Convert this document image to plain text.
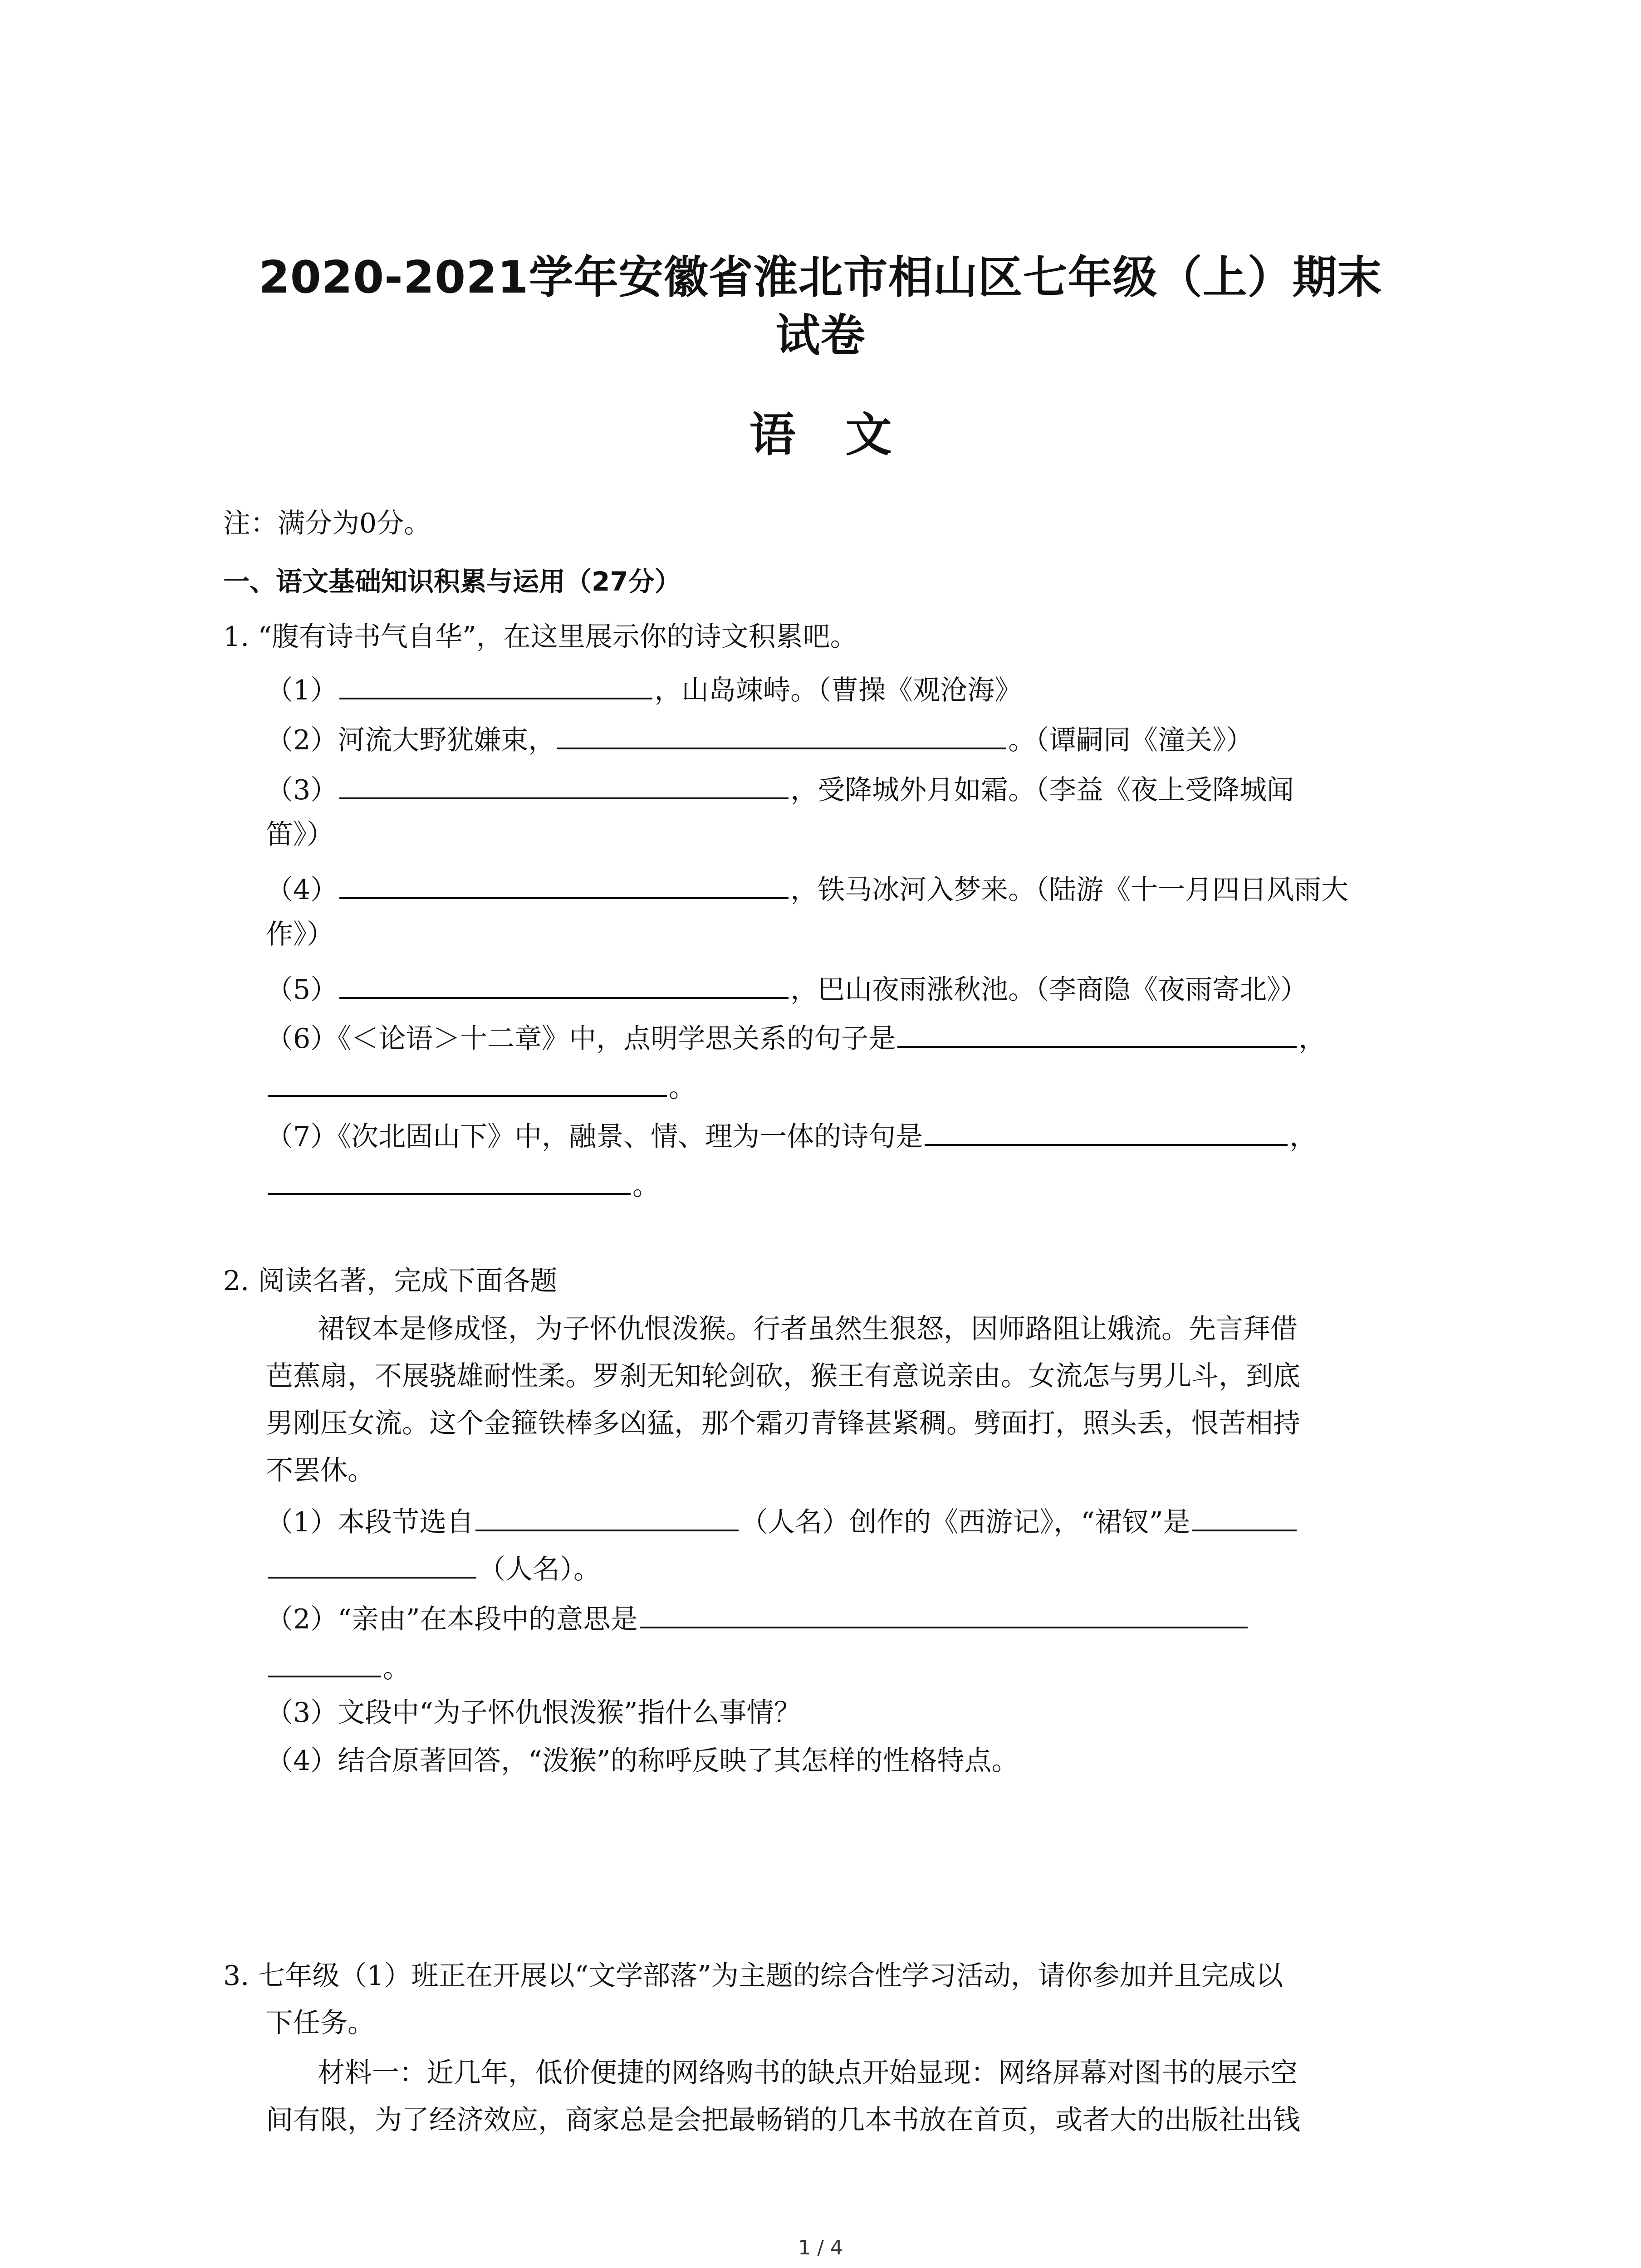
2020-2021学年安徽省淮北市相山区七年级（上）期末
试卷
语文
注：满分为0分。
一、语文基础知识积累与运用（27分）
1. “腹有诗书气自华”，在这里展示你的诗文积累吧。
（1）	，山岛竦峙。（曹操《观沧海》
（2）河流大野犹嫌束，	。（谭嗣同《潼关》）
（3）	，受降城外月如霜。（李益《夜上受降城闻
笛》）
（4）	，铁马冰河入梦来。（陆游《十一月四日风雨大
作》）
（5）	，巴山夜雨涨秋池。（李商隐《夜雨寄北》）
（6）《＜论语＞十二章》中，点明学思关系的句子是	，
。
（7）《次北固山下》中，融景、情、理为一体的诗句是	，
。
2. 阅读名著，完成下面各题
裙钗本是修成怪，为子怀仇恨泼猴。行者虽然生狠怒，因师路阻让娥流。先言拜借
芭蕉扇，不展骁雄耐性柔。罗刹无知轮剑砍，猴王有意说亲由。女流怎与男儿斗，到底
男刚压女流。这个金箍铁棒多凶猛，那个霜刃青锋甚紧稠。劈面打，照头丢，恨苦相持
不罢休。
（1）本段节选自	（人名）创作的《西游记》，“裙钗”是
（人名）。
（2）“亲由”在本段中的意思是
。
（3）文段中“为子怀仇恨泼猴”指什么事情？
（4）结合原著回答，“泼猴”的称呼反映了其怎样的性格特点。
3. 七年级（1）班正在开展以“文学部落”为主题的综合性学习活动，请你参加并且完成以
下任务。
材料一：近几年，低价便捷的网络购书的缺点开始显现：网络屏幕对图书的展示空
间有限，为了经济效应，商家总是会把最畅销的几本书放在首页，或者大的出版社出钱
1 / 4
